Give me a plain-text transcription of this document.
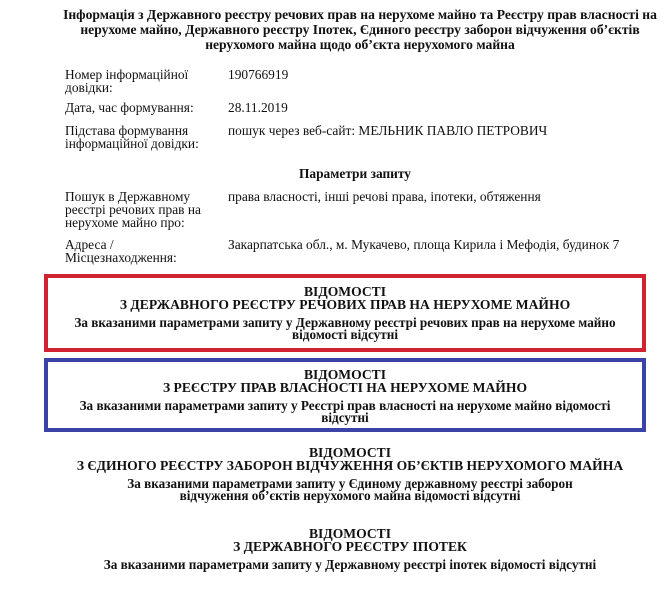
Інформація з Державного реєстру речових прав на нерухоме майно та Реєстру прав власності на нерухоме майно, Державного реєстру Іпотек, Єдиного реєстру заборон відчуження об’єктів нерухомого майна щодо об’єкта нерухомого майна
Номер інформаційної довідки:
190766919
Дата, час формування:	28.11.2019
Підстава формування інформаційної довідки:
пошук через веб-сайт: МЕЛЬНИК ПАВЛО ПЕТРОВИЧ
Параметри запиту
Пошук в Державному реєстрі речових прав на нерухоме майно про:
права власності, інші речові права, іпотеки, обтяження
Адреса / Місцезнаходження:
Закарпатська обл., м. Мукачево, площа Кирила і Мефодія, будинок 7
ВІДОМОСТІ
З ДЕРЖАВНОГО РЕЄСТРУ РЕЧОВИХ ПРАВ НА НЕРУХОМЕ МАЙНО
За вказаними параметрами запиту у Державному реєстрі речових прав на нерухоме майно відомості відсутні
ВІДОМОСТІ
З РЕЄСТРУ ПРАВ ВЛАСНОСТІ НА НЕРУХОМЕ МАЙНО
За вказаними параметрами запиту у Реєстрі прав власності на нерухоме майно відомості відсутні
ВІДОМОСТІ
З ЄДИНОГО РЕЄСТРУ ЗАБОРОН ВІДЧУЖЕННЯ ОБ’ЄКТІВ НЕРУХОМОГО МАЙНА
За вказаними параметрами запиту у Єдиному державному реєстрі заборон відчуження об’єктів нерухомого майна відомості відсутні
ВІДОМОСТІ
З ДЕРЖАВНОГО РЕЄСТРУ ІПОТЕК
За вказаними параметрами запиту у Державному реєстрі іпотек відомості відсутні
